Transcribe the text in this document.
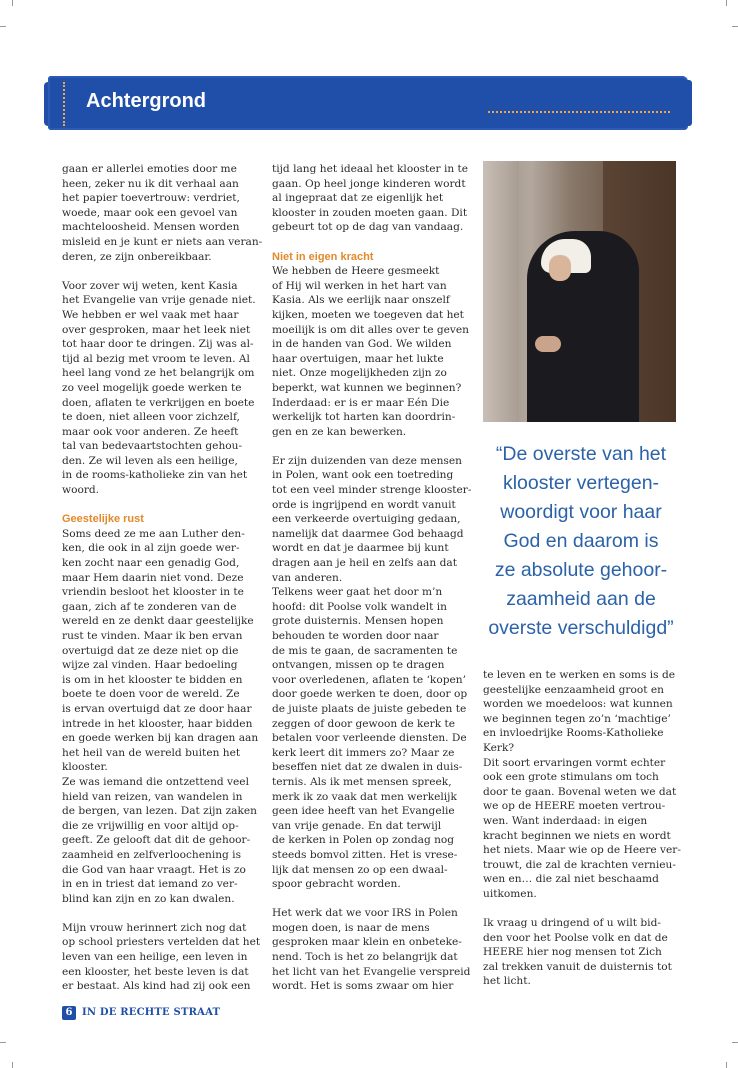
Achtergrond

gaan er allerlei emoties door me

heen, zeker nu ik dit verhaal aan

het papier toevertrouw: verdriet,

woede, maar ook een gevoel van

machteloosheid. Mensen worden

misleid en je kunt er niets aan veran-

deren, ze zijn onbereikbaar.

Voor zover wij weten, kent Kasia

het Evangelie van vrije genade niet.

We hebben er wel vaak met haar

over gesproken, maar het leek niet

tot haar door te dringen. Zij was al-

tijd al bezig met vroom te leven. Al

heel lang vond ze het belangrijk om

zo veel mogelijk goede werken te

doen, aflaten te verkrijgen en boete

te doen, niet alleen voor zichzelf,

maar ook voor anderen. Ze heeft

tal van bedevaartstochten gehou-

den. Ze wil leven als een heilige,

in de rooms-katholieke zin van het

woord.

Geestelijke rust

Soms deed ze me aan Luther den-

ken, die ook in al zijn goede wer-

ken zocht naar een genadig God,

maar Hem daarin niet vond. Deze

vriendin besloot het klooster in te

gaan, zich af te zonderen van de

wereld en ze denkt daar geestelijke

rust te vinden. Maar ik ben ervan

overtuigd dat ze deze niet op die

wijze zal vinden. Haar bedoeling

is om in het klooster te bidden en

boete te doen voor de wereld. Ze

is ervan overtuigd dat ze door haar

intrede in het klooster, haar bidden

en goede werken bij kan dragen aan

het heil van de wereld buiten het

klooster.

Ze was iemand die ontzettend veel

hield van reizen, van wandelen in

de bergen, van lezen. Dat zijn zaken

die ze vrijwillig en voor altijd op-

geeft. Ze gelooft dat dit de gehoor-

zaamheid en zelfverloochening is

die God van haar vraagt. Het is zo

in en in triest dat iemand zo ver-

blind kan zijn en zo kan dwalen.

Mijn vrouw herinnert zich nog dat

op school priesters vertelden dat het

leven van een heilige, een leven in

een klooster, het beste leven is dat

er bestaat. Als kind had zij ook een

tijd lang het ideaal het klooster in te

gaan. Op heel jonge kinderen wordt

al ingepraat dat ze eigenlijk het

klooster in zouden moeten gaan. Dit

gebeurt tot op de dag van vandaag.

Niet in eigen kracht

We hebben de Heere gesmeekt

of Hij wil werken in het hart van

Kasia. Als we eerlijk naar onszelf

kijken, moeten we toegeven dat het

moeilijk is om dit alles over te geven

in de handen van God. We wilden

haar overtuigen, maar het lukte

niet. Onze mogelijkheden zijn zo

beperkt, wat kunnen we beginnen?

Inderdaad: er is er maar Eén Die

werkelijk tot harten kan doordrin-

gen en ze kan bewerken.

Er zijn duizenden van deze mensen

in Polen, want ook een toetreding

tot een veel minder strenge klooster-

orde is ingrijpend en wordt vanuit

een verkeerde overtuiging gedaan,

namelijk dat daarmee God behaagd

wordt en dat je daarmee bij kunt

dragen aan je heil en zelfs aan dat

van anderen.

Telkens weer gaat het door m’n

hoofd: dit Poolse volk wandelt in

grote duisternis. Mensen hopen

behouden te worden door naar

de mis te gaan, de sacramenten te

ontvangen, missen op te dragen

voor overledenen, aflaten te ‘kopen’

door goede werken te doen, door op

de juiste plaats de juiste gebeden te

zeggen of door gewoon de kerk te

betalen voor verleende diensten. De

kerk leert dit immers zo? Maar ze

beseffen niet dat ze dwalen in duis-

ternis. Als ik met mensen spreek,

merk ik zo vaak dat men werkelijk

geen idee heeft van het Evangelie

van vrije genade. En dat terwijl

de kerken in Polen op zondag nog

steeds bomvol zitten. Het is vrese-

lijk dat mensen zo op een dwaal-

spoor gebracht worden.

Het werk dat we voor IRS in Polen

mogen doen, is naar de mens

gesproken maar klein en onbeteke-

nend. Toch is het zo belangrijk dat

het licht van het Evangelie verspreid

wordt. Het is soms zwaar om hier

“De overste van het
klooster vertegen-
woordigt voor haar
God en daarom is
ze absolute gehoor-
zaamheid aan de
overste verschuldigd”

te leven en te werken en soms is de

geestelijke eenzaamheid groot en

worden we moedeloos: wat kunnen

we beginnen tegen zo’n ‘machtige’

en invloedrijke Rooms-Katholieke

Kerk?

Dit soort ervaringen vormt echter

ook een grote stimulans om toch

door te gaan. Bovenal weten we dat

we op de HEERE moeten vertrou-

wen. Want inderdaad: in eigen

kracht beginnen we niets en wordt

het niets. Maar wie op de Heere ver-

trouwt, die zal de krachten vernieu-

wen en… die zal niet beschaamd

uitkomen.

Ik vraag u dringend of u wilt bid-

den voor het Poolse volk en dat de

HEERE hier nog mensen tot Zich

zal trekken vanuit de duisternis tot

het licht.

6 IN DE RECHTE STRAAT
